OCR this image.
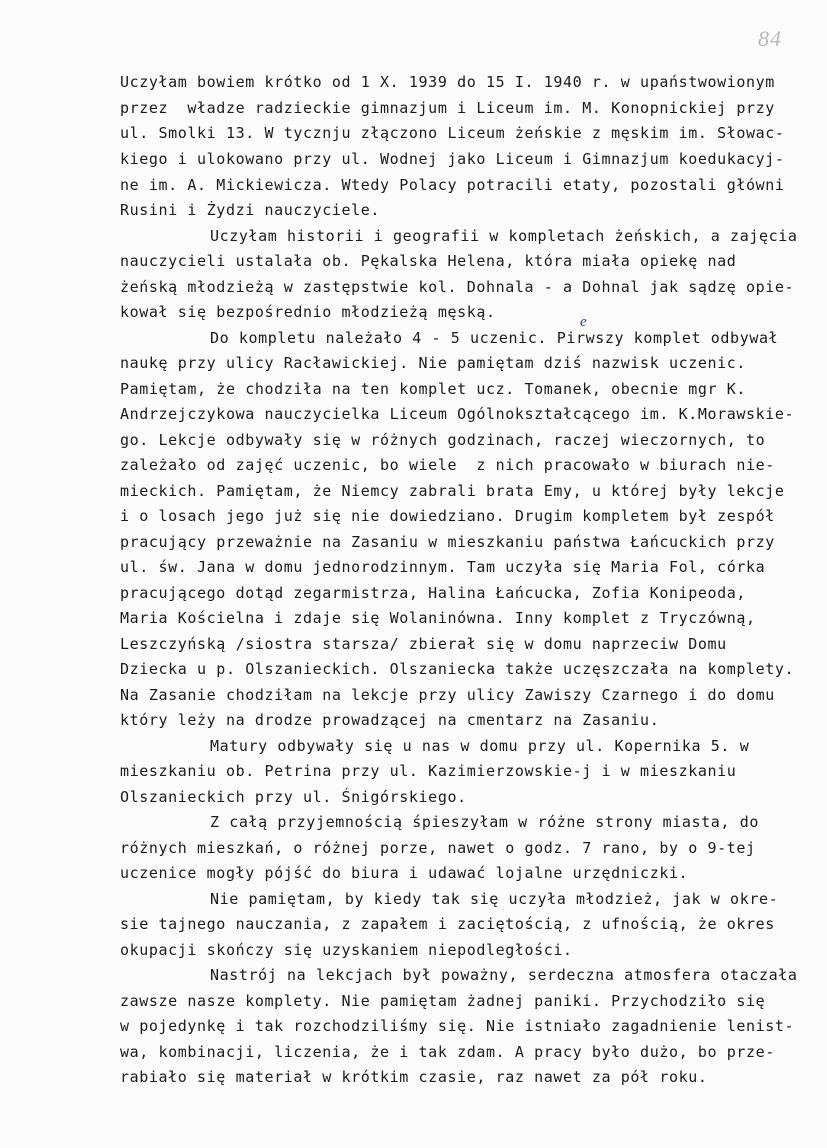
84
e
Uczyłam bowiem krótko od 1 X. 1939 do 15 I. 1940 r. w upaństwowionym
przez  władze radzieckie gimnazjum i Liceum im. M. Konopnickiej przy
ul. Smolki 13. W tycznju złączono Liceum żeńskie z męskim im. Słowac-
kiego i ulokowano przy ul. Wodnej jako Liceum i Gimnazjum koedukacyj-
ne im. A. Mickiewicza. Wtedy Polacy potracili etaty, pozostali główni
Rusini i Żydzi nauczyciele.
Uczyłam historii i geografii w kompletach żeńskich, a zajęcia
nauczycieli ustalała ob. Pękalska Helena, która miała opiekę nad
żeńską młodzieżą w zastępstwie kol. Dohnala - a Dohnal jak sądzę opie-
kował się bezpośrednio młodzieżą męską.
Do kompletu należało 4 - 5 uczenic. Pirwszy komplet odbywał
naukę przy ulicy Racławickiej. Nie pamiętam dziś nazwisk uczenic.
Pamiętam, że chodziła na ten komplet ucz. Tomanek, obecnie mgr K.
Andrzejczykowa nauczycielka Liceum Ogólnokształcącego im. K.Morawskie-
go. Lekcje odbywały się w różnych godzinach, raczej wieczornych, to
zależało od zajęć uczenic, bo wiele  z nich pracowało w biurach nie-
mieckich. Pamiętam, że Niemcy zabrali brata Emy, u której były lekcje
i o losach jego już się nie dowiedziano. Drugim kompletem był zespół
pracujący przeważnie na Zasaniu w mieszkaniu państwa Łańcuckich przy
ul. św. Jana w domu jednorodzinnym. Tam uczyła się Maria Fol, córka
pracującego dotąd zegarmistrza, Halina Łańcucka, Zofia Konipeoda,
Maria Kościelna i zdaje się Wolaninówna. Inny komplet z Tryczówną,
Leszczyńską /siostra starsza/ zbierał się w domu naprzeciw Domu
Dziecka u p. Olszanieckich. Olszaniecka także uczęszczała na komplety.
Na Zasanie chodziłam na lekcje przy ulicy Zawiszy Czarnego i do domu
który leży na drodze prowadzącej na cmentarz na Zasaniu.
Matury odbywały się u nas w domu przy ul. Kopernika 5. w
mieszkaniu ob. Petrina przy ul. Kazimierzowskie-j i w mieszkaniu
Olszanieckich przy ul. Śnigórskiego.
Z całą przyjemnością śpieszyłam w różne strony miasta, do
różnych mieszkań, o różnej porze, nawet o godz. 7 rano, by o 9-tej
uczenice mogły pójść do biura i udawać lojalne urzędniczki.
Nie pamiętam, by kiedy tak się uczyła młodzież, jak w okre-
sie tajnego nauczania, z zapałem i zaciętością, z ufnością, że okres
okupacji skończy się uzyskaniem niepodległości.
Nastrój na lekcjach był poważny, serdeczna atmosfera otaczała
zawsze nasze komplety. Nie pamiętam żadnej paniki. Przychodziło się
w pojedynkę i tak rozchodziliśmy się. Nie istniało zagadnienie lenist-
wa, kombinacji, liczenia, że i tak zdam. A pracy było dużo, bo prze-
rabiało się materiał w krótkim czasie, raz nawet za pół roku.
